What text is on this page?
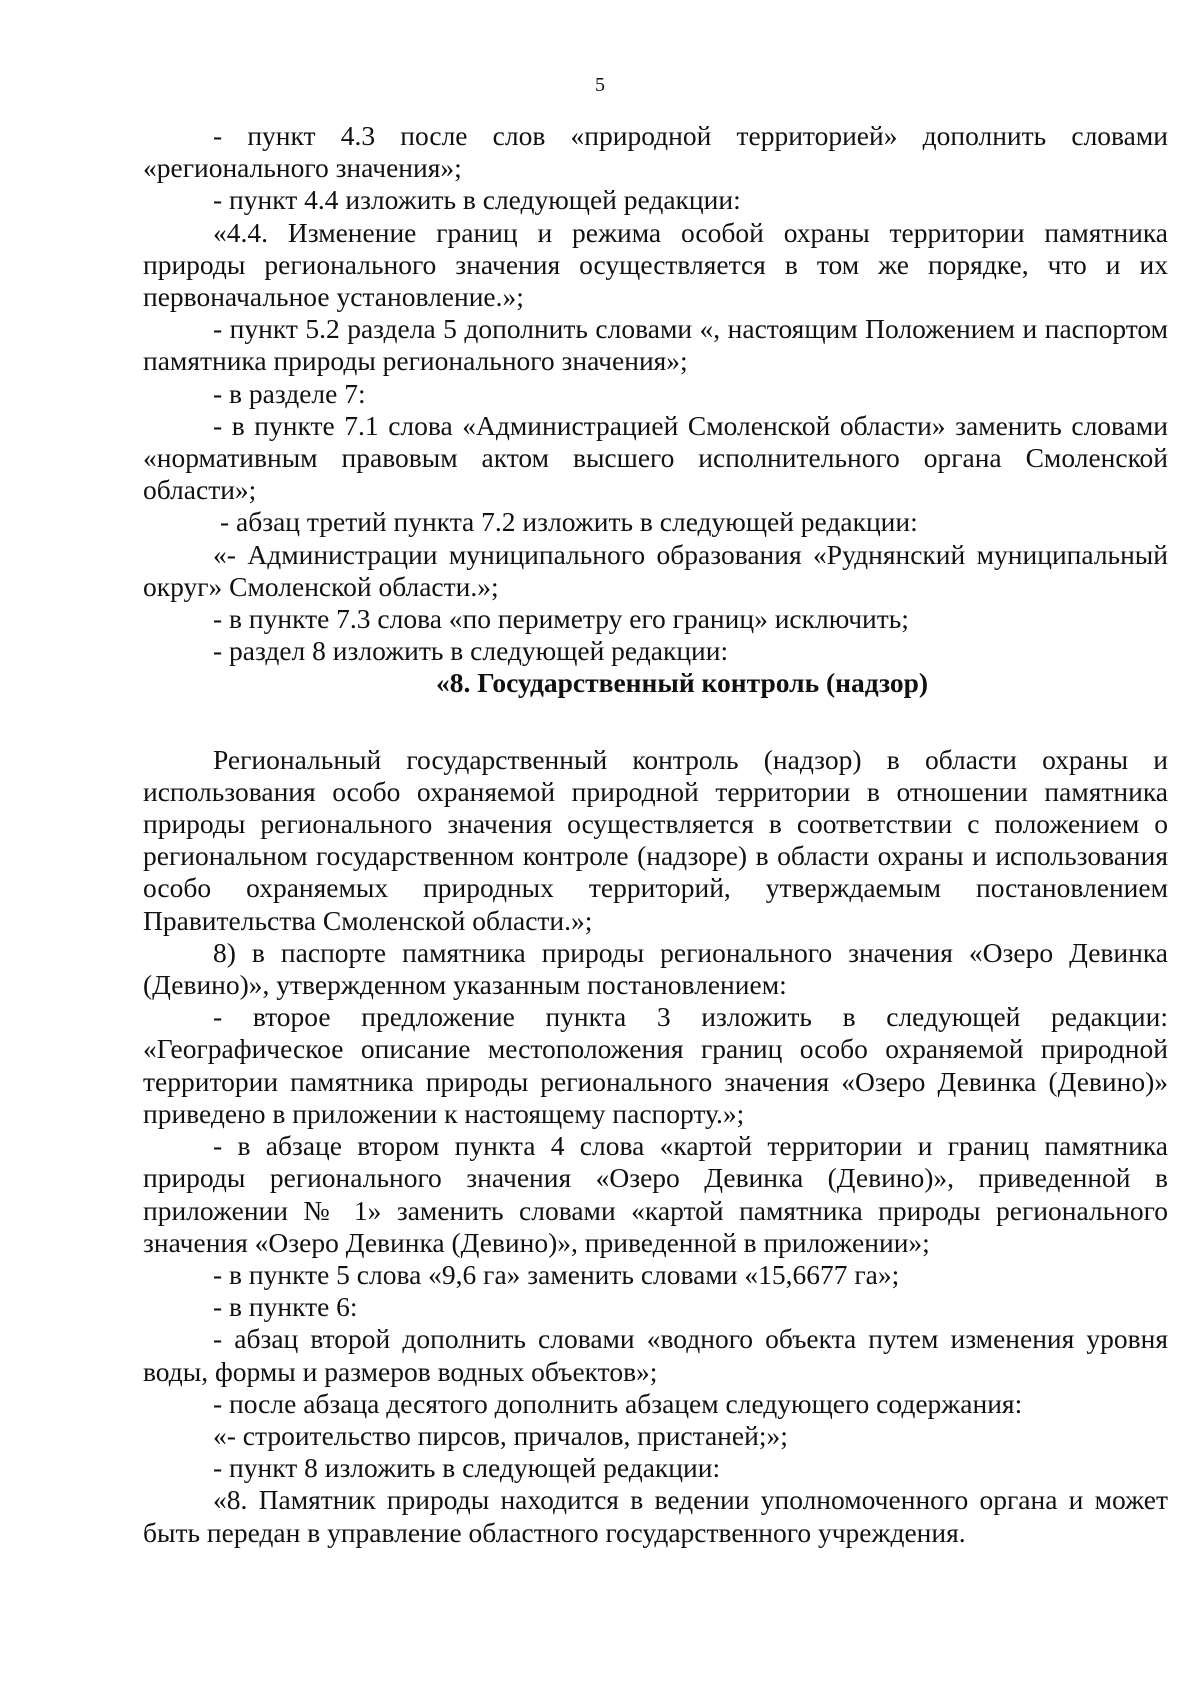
5

- пункт 4.3 после слов «природной территорией» дополнить словами «регионального значения»;

- пункт 4.4 изложить в следующей редакции:

«4.4. Изменение границ и режима особой охраны территории памятника природы регионального значения осуществляется в том же порядке, что и их первоначальное установление.»;

- пункт 5.2 раздела 5 дополнить словами «, настоящим Положением и паспортом памятника природы регионального значения»;

- в разделе 7:

- в пункте 7.1 слова «Администрацией Смоленской области» заменить словами «нормативным правовым актом высшего исполнительного органа Смоленской области»;

- абзац третий пункта 7.2 изложить в следующей редакции:

«- Администрации муниципального образования «Руднянский муниципальный округ» Смоленской области.»;

- в пункте 7.3 слова «по периметру его границ» исключить;

- раздел 8 изложить в следующей редакции:

«8. Государственный контроль (надзор)

Региональный государственный контроль (надзор) в области охраны и использования особо охраняемой природной территории в отношении памятника природы регионального значения осуществляется в соответствии с положением о региональном государственном контроле (надзоре) в области охраны и использования особо охраняемых природных территорий, утверждаемым постановлением Правительства Смоленской области.»;

8) в паспорте памятника природы регионального значения «Озеро Девинка (Девино)», утвержденном указанным постановлением:

- второе предложение пункта 3 изложить в следующей редакции: «Географическое описание местоположения границ особо охраняемой природной территории памятника природы регионального значения «Озеро Девинка (Девино)» приведено в приложении к настоящему паспорту.»;

- в абзаце втором пункта 4 слова «картой территории и границ памятника природы регионального значения «Озеро Девинка (Девино)», приведенной в приложении № 1» заменить словами «картой памятника природы регионального значения «Озеро Девинка (Девино)», приведенной в приложении»;

- в пункте 5 слова «9,6 га» заменить словами «15,6677 га»;

- в пункте 6:

- абзац второй дополнить словами «водного объекта путем изменения уровня воды, формы и размеров водных объектов»;

- после абзаца десятого дополнить абзацем следующего содержания:

«- строительство пирсов, причалов, пристаней;»;

- пункт 8 изложить в следующей редакции:

«8. Памятник природы находится в ведении уполномоченного органа и может быть передан в управление областного государственного учреждения.
